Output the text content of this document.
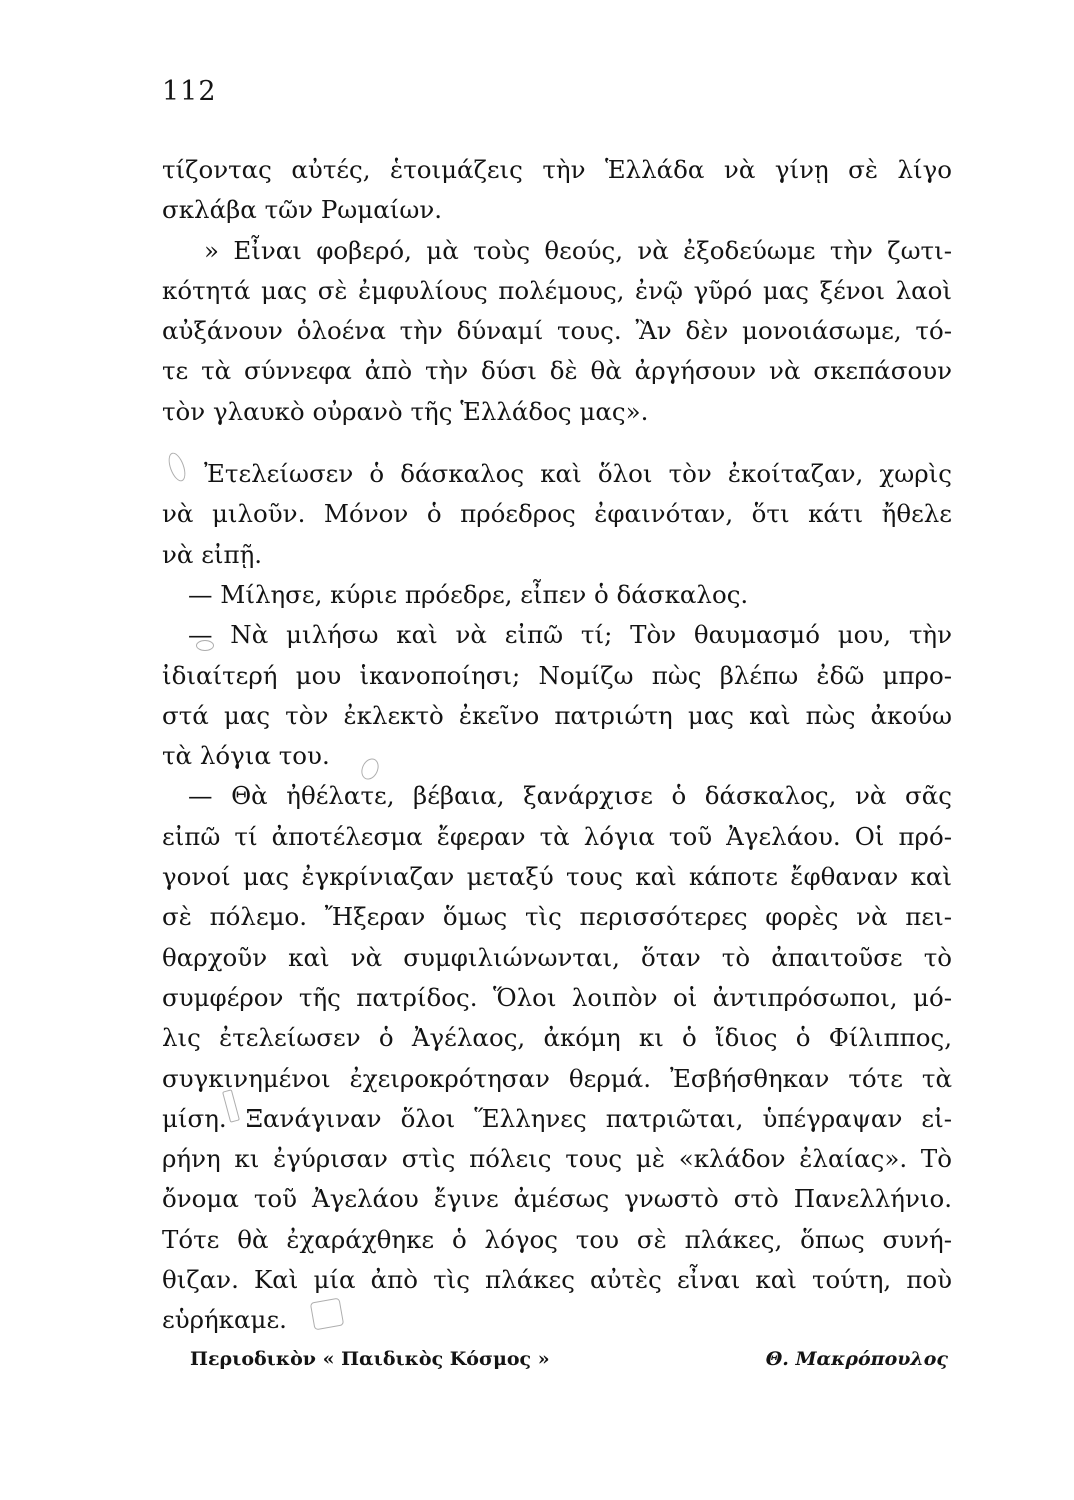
112
τίζοντας αὐτές, ἑτοιμάζεις τὴν Ἑλλάδα νὰ γίνῃ σὲ λίγο
σκλάβα τῶν Ρωμαίων.
» Εἶναι φοβερό, μὰ τοὺς θεούς, νὰ ἐξοδεύωμε τὴν ζωτι-
κότητά μας σὲ ἐμφυλίους πολέμους, ἐνῷ γῦρό μας ξένοι λαοὶ
αὐξάνουν ὁλοένα τὴν δύναμί τους. Ἂν δὲν μονοιάσωμε, τό-
τε τὰ σύννεφα ἀπὸ τὴν δύσι δὲ θὰ ἀργήσουν νὰ σκεπάσουν
τὸν γλαυκὸ οὐρανὸ τῆς Ἑλλάδος μας».
Ἐτελείωσεν ὁ δάσκαλος καὶ ὅλοι τὸν ἐκοίταζαν, χωρὶς
νὰ μιλοῦν. Μόνον ὁ πρόεδρος ἐφαινόταν, ὅτι κάτι ἤθελε
νὰ εἰπῇ.
— Μίλησε, κύριε πρόεδρε, εἶπεν ὁ δάσκαλος.
— Νὰ μιλήσω καὶ νὰ εἰπῶ τί; Τὸν θαυμασμό μου, τὴν
ἰδιαίτερή μου ἱκανοποίησι; Νομίζω πὼς βλέπω ἐδῶ μπρο-
στά μας τὸν ἐκλεκτὸ ἐκεῖνο πατριώτη μας καὶ πὼς ἀκούω
τὰ λόγια του.
— Θὰ ἠθέλατε, βέβαια, ξανάρχισε ὁ δάσκαλος, νὰ σᾶς
εἰπῶ τί ἀποτέλεσμα ἔφεραν τὰ λόγια τοῦ Ἀγελάου. Οἱ πρό-
γονοί μας ἐγκρίνιαζαν μεταξύ τους καὶ κάποτε ἔφθαναν καὶ
σὲ πόλεμο. Ἤξεραν ὅμως τὶς περισσότερες φορὲς νὰ πει-
θαρχοῦν καὶ νὰ συμφιλιώνωνται, ὅταν τὸ ἀπαιτοῦσε τὸ
συμφέρον τῆς πατρίδος. Ὅλοι λοιπὸν οἱ ἀντιπρόσωποι, μό-
λις ἐτελείωσεν ὁ Ἀγέλαος, ἀκόμη κι ὁ ἴδιος ὁ Φίλιππος,
συγκινημένοι ἐχειροκρότησαν θερμά. Ἐσβήσθηκαν τότε τὰ
μίση. Ξανάγιναν ὅλοι Ἕλληνες πατριῶται, ὑπέγραψαν εἰ-
ρήνη κι ἐγύρισαν στὶς πόλεις τους μὲ «κλάδον ἐλαίας». Τὸ
ὄνομα τοῦ Ἀγελάου ἔγινε ἀμέσως γνωστὸ στὸ Πανελλήνιο.
Τότε θὰ ἐχαράχθηκε ὁ λόγος του σὲ πλάκες, ὅπως συνή-
θιζαν. Καὶ μία ἀπὸ τὶς πλάκες αὐτὲς εἶναι καὶ τούτη, ποὺ
εὑρήκαμε.
Περιοδικὸν « Παιδικὸς Κόσμος »	Θ. Μακρόπουλος
